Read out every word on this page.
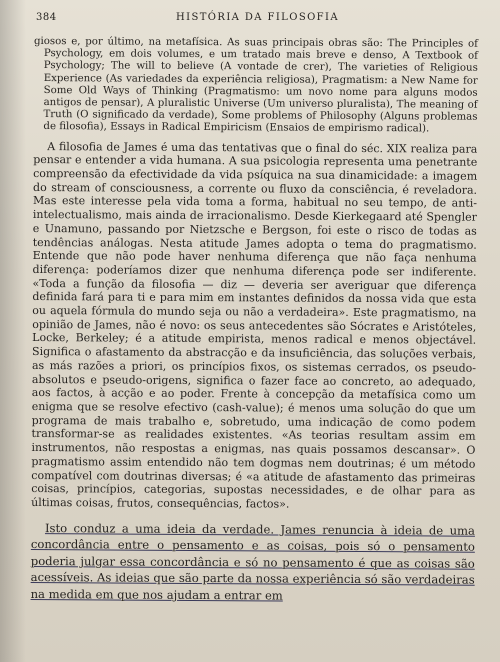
384	HISTÓRIA DA FILOSOFIA

giosos e, por último, na metafísica. As suas principais obras são: The Principles of Psychology, em dois volumes, e um tratado mais breve e denso, A Textbook of Psychology; The will to believe (A vontade de crer), The varieties of Religious Experience (As variedades da experiência religiosa), Pragmatism: a New Name for Some Old Ways of Thinking (Pragmatismo: um novo nome para alguns modos antigos de pensar), A pluralistic Universe (Um universo pluralista), The meaning of Truth (O significado da verdade), Some problems of Philosophy (Alguns problemas de filosofia), Essays in Radical Empiricism (Ensaios de empirismo radical).

A filosofia de James é uma das tentativas que o final do séc. XIX realiza para pensar e entender a vida humana. A sua psicologia representa uma penetrante compreensão da efectividade da vida psíquica na sua dinamicidade: a imagem do stream of consciousness, a corrente ou fluxo da consciência, é reveladora. Mas este interesse pela vida toma a forma, habitual no seu tempo, de anti-intelectualismo, mais ainda de irracionalismo. Desde Kierkegaard até Spengler e Unamuno, passando por Nietzsche e Bergson, foi este o risco de todas as tendências análogas. Nesta atitude James adopta o tema do pragmatismo. Entende que não pode haver nenhuma diferença que não faça nenhuma diferença: poderíamos dizer que nenhuma diferença pode ser indiferente. «Toda a função da filosofia — diz — deveria ser averiguar que diferença definida fará para ti e para mim em instantes definidos da nossa vida que esta ou aquela fórmula do mundo seja ou não a verdadeira». Este pragmatismo, na opinião de James, não é novo: os seus antecedentes são Sócrates e Aristóteles, Locke, Berkeley; é a atitude empirista, menos radical e menos objectável. Significa o afastamento da abstracção e da insuficiência, das soluções verbais, as más razões a priori, os princípios fixos, os sistemas cerrados, os pseudo-absolutos e pseudo-origens, significa o fazer face ao concreto, ao adequado, aos factos, à acção e ao poder. Frente à concepção da metafísica como um enigma que se resolve efectivo (cash-value); é menos uma solução do que um programa de mais trabalho e, sobretudo, uma indicação de como podem transformar-se as realidades existentes. «As teorias resultam assim em instrumentos, não respostas a enigmas, nas quais possamos descansar». O pragmatismo assim entendido não tem dogmas nem doutrinas; é um método compatível com doutrinas diversas; é «a atitude de afastamento das primeiras coisas, princípios, categorias, supostas necessidades, e de olhar para as últimas coisas, frutos, consequências, factos».

Isto conduz a uma ideia da verdade. James renuncia à ideia de uma concordância entre o pensamento e as coisas, pois só o pensamento poderia julgar essa concordância e só no pensamento é que as coisas são acessíveis. As ideias que são parte da nossa experiência só são verdadeiras na medida em que nos ajudam a entrar em
